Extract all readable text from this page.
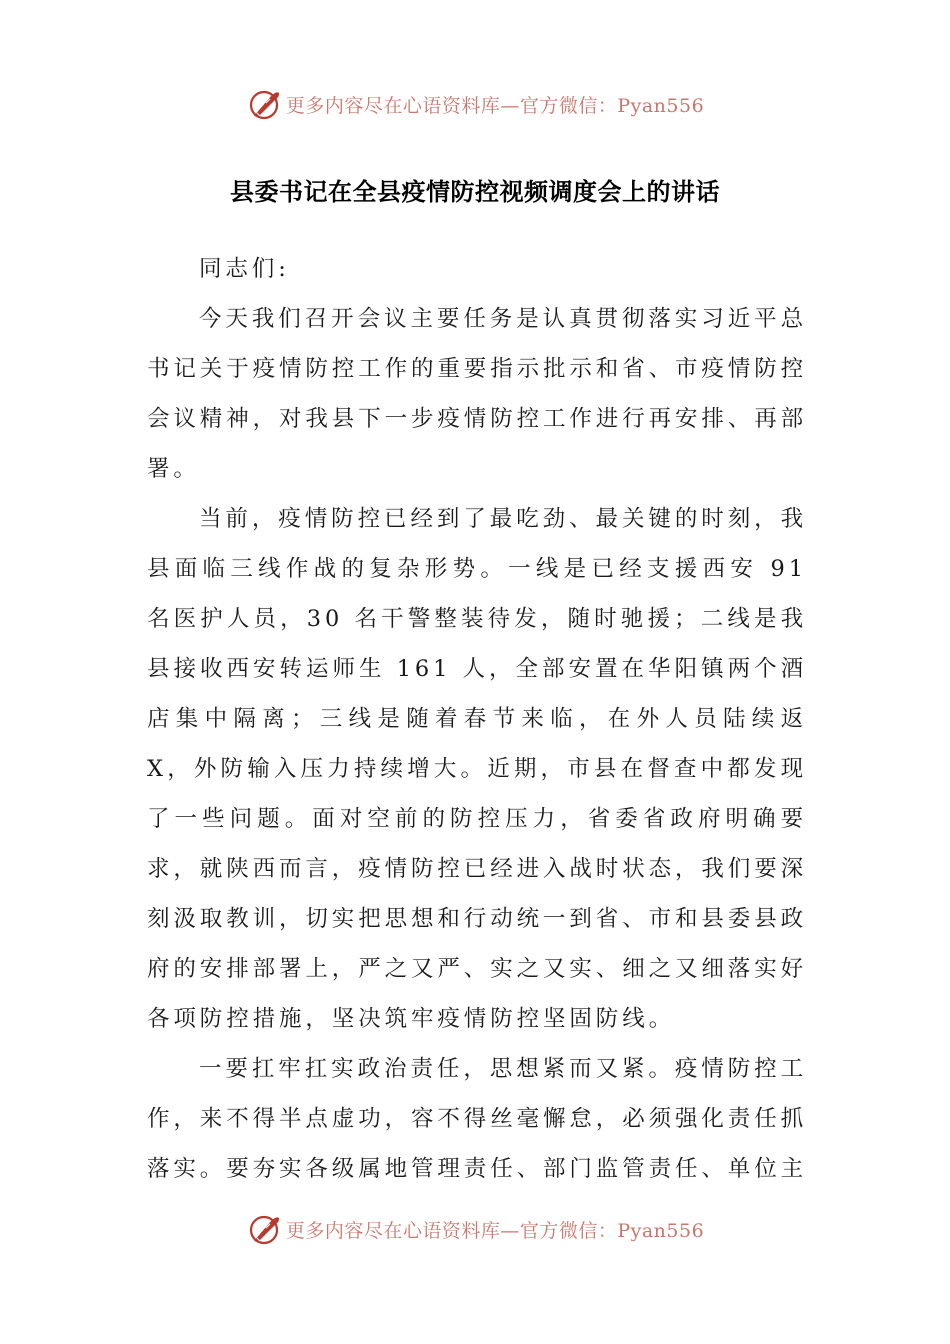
更多内容尽在心语资料库—官方微信：Pyan556
县委书记在全县疫情防控视频调度会上的讲话

同志们:

今天我们召开会议主要任务是认真贯彻落实习近平总书记关于疫情防控工作的重要指示批示和省、市疫情防控会议精神，对我县下一步疫情防控工作进行再安排、再部署。

当前，疫情防控已经到了最吃劲、最关键的时刻，我县面临三线作战的复杂形势。一线是已经支援西安 91 名医护人员，30 名干警整装待发，随时驰援；二线是我县接收西安转运师生 161 人，全部安置在华阳镇两个酒店集中隔离；三线是随着春节来临，在外人员陆续返 X，外防输入压力持续增大。近期，市县在督查中都发现了一些问题。面对空前的防控压力，省委省政府明确要求，就陕西而言，疫情防控已经进入战时状态，我们要深刻汲取教训，切实把思想和行动统一到省、市和县委县政府的安排部署上，严之又严、实之又实、细之又细落实好各项防控措施，坚决筑牢疫情防控坚固防线。

一要扛牢扛实政治责任，思想紧而又紧。疫情防控工作，来不得半点虚功，容不得丝毫懈怠，必须强化责任抓落实。要夯实各级属地管理责任、部门监管责任、单位主

更多内容尽在心语资料库—官方微信：Pyan556
